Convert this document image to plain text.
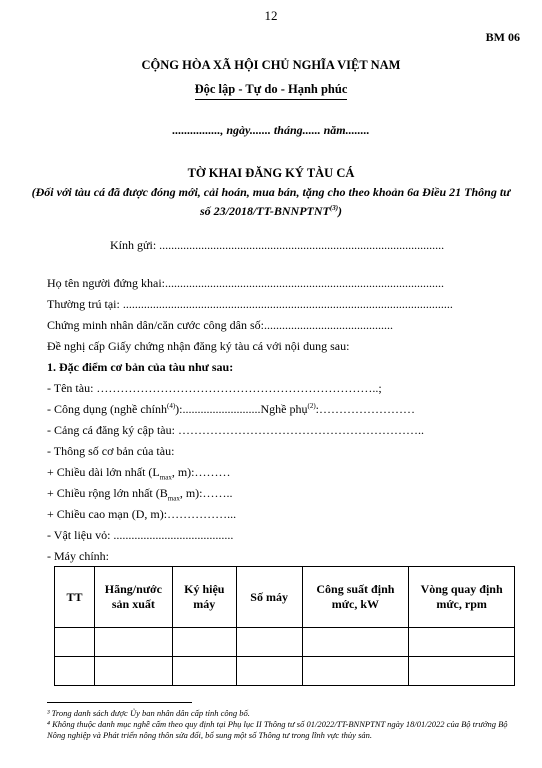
12
BM 06
CỘNG HÒA XÃ HỘI CHỦ NGHĨA VIỆT NAM
Độc lập - Tự do - Hạnh phúc
................, ngày....... tháng...... năm........
TỜ KHAI ĐĂNG KÝ TÀU CÁ
(Đối với tàu cá đã được đóng mới, cải hoán, mua bán, tặng cho theo khoản 6a Điều 21 Thông tư số 23/2018/TT-BNNPTNT$^{(3)}$)
Kính gửi: ...............................................................................................
Họ tên người đứng khai:.............................................................................................
Thường trú tại: ..............................................................................................................
Chứng minh nhân dân/căn cước công dân số:...........................................
Đề nghị cấp Giấy chứng nhận đăng ký tàu cá với nội dung sau:
1. Đặc điểm cơ bản của tàu như sau:
- Tên tàu: ……………………………………………………………..;
- Công dụng (nghề chính$^{(4)}$):..........................Nghề phụ$^{(2)}$:……………………
- Cảng cá đăng ký cập tàu: ……………………………………………………..
- Thông số cơ bản của tàu:
+ Chiều dài lớn nhất ($L_{max}$, m):………
+ Chiều rộng lớn nhất ($B_{max}$, m):……..
+ Chiều cao mạn (D, m):……………...
- Vật liệu vỏ: ........................................
- Máy chính:
TT	Hãng/nước sản xuất	Ký hiệu máy	Số máy	Công suất định mức, kW	Vòng quay định mức, rpm

³ Trong danh sách được Ủy ban nhân dân cấp tỉnh công bố.
⁴ Không thuộc danh mục nghề cấm theo quy định tại Phụ lục II Thông tư số 01/2022/TT-BNNPTNT ngày 18/01/2022 của Bộ trưởng Bộ Nông nghiệp và Phát triển nông thôn sửa đổi, bổ sung một số Thông tư trong lĩnh vực thủy sản.
